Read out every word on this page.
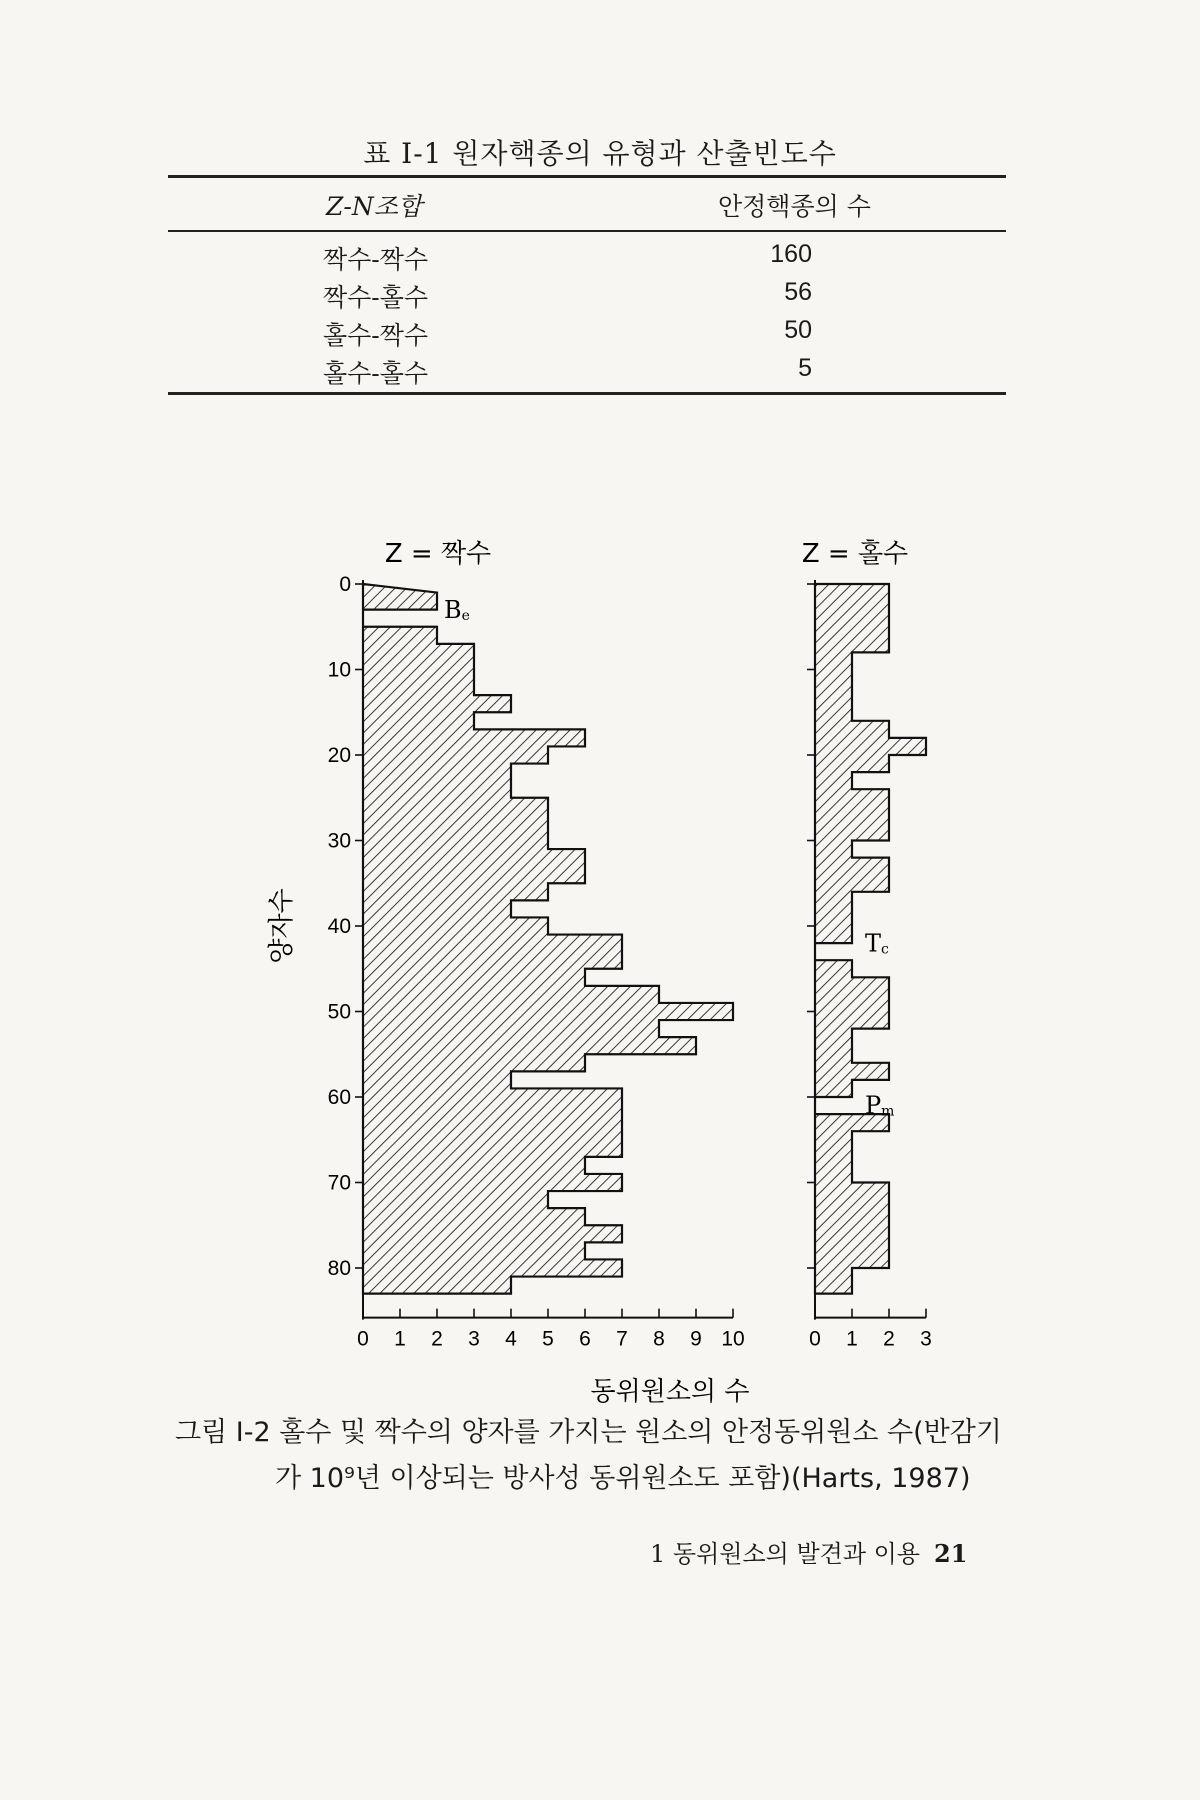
표 Ⅰ-1 원자핵종의 유형과 산출빈도수
Z-N조합	안정핵종의 수
짝수-짝수	160
짝수-홀수	56
홀수-짝수	50
홀수-홀수	5
0 1 2 3 4 5 6 7 8 9 10
0
10
20
30
40
50
60
70
80
Z = 짝수
Be
0 1 2 3
Z = 홀수
Tc
Pm
양자수
동위원소의 수
그림 Ⅰ-2 홀수 및 짝수의 양자를 가지는 원소의 안정동위원소 수(반감기
가 10⁹년 이상되는 방사성 동위원소도 포함)(Harts, 1987)
1 동위원소의 발견과 이용 21
